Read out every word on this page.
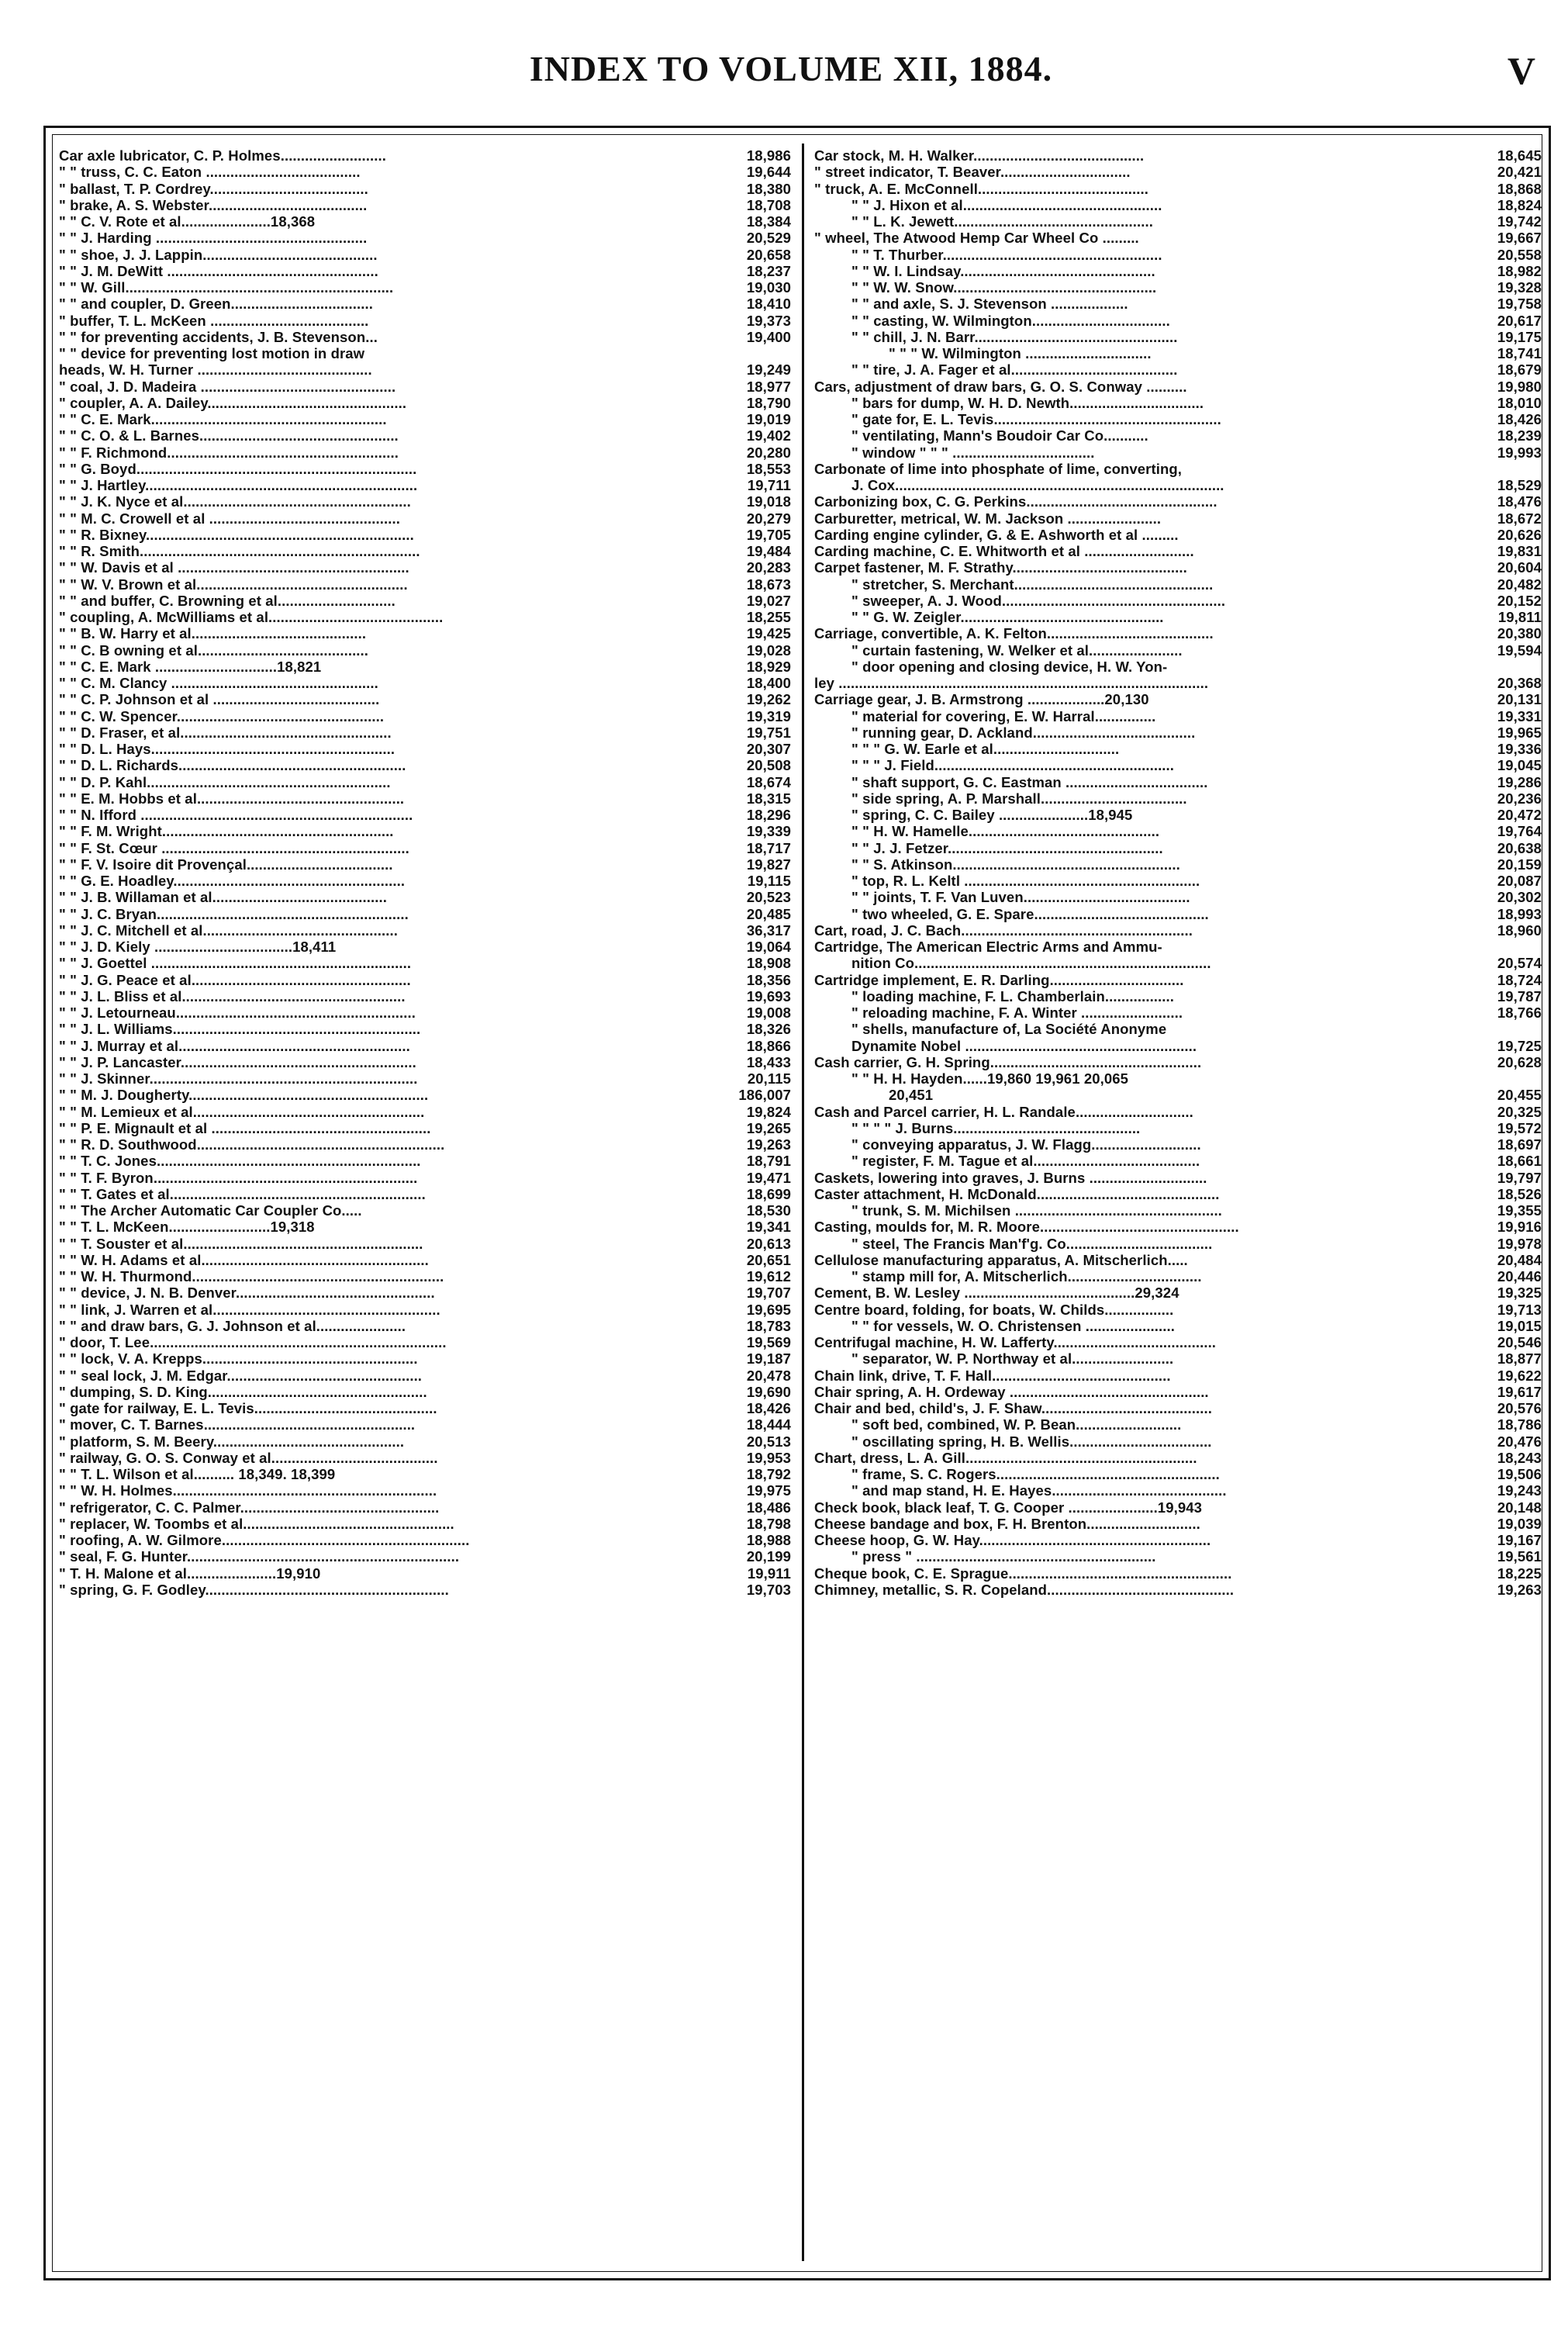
INDEX TO VOLUME XII, 1884.	V
Car axle lubricator, C. P. Holmes..........................	18,986
" " truss, C. C. Eaton ......................................	19,644
" ballast, T. P. Cordrey.......................................	18,380
" brake, A. S. Webster.......................................	18,708
" " C. V. Rote et al......................18,368	18,384
" " J. Harding ....................................................	20,529
" " shoe, J. J. Lappin...........................................	20,658
" " J. M. DeWitt ....................................................	18,237
" " W. Gill..................................................................	19,030
" " and coupler, D. Green...................................	18,410
" buffer, T. L. McKeen .......................................	19,373
" " for preventing accidents, J. B. Stevenson...	19,400
" " device for preventing lost motion in draw
heads, W. H. Turner ...........................................	19,249
" coal, J. D. Madeira ................................................	18,977
" coupler, A. A. Dailey.................................................	18,790
" " C. E. Mark..........................................................	19,019
" " C. O. & L. Barnes.................................................	19,402
" " F. Richmond.........................................................	20,280
" " G. Boyd.....................................................................	18,553
" " J. Hartley...................................................................	19,711
" " J. K. Nyce et al........................................................	19,018
" " M. C. Crowell et al ...............................................	20,279
" " R. Bixney..................................................................	19,705
" " R. Smith.....................................................................	19,484
" " W. Davis et al .........................................................	20,283
" " W. V. Brown et al....................................................	18,673
" " and buffer, C. Browning et al.............................	19,027
" coupling, A. McWilliams et al...........................................	18,255
" " B. W. Harry et al...........................................	19,425
" " C. B owning et al..........................................	19,028
" " C. E. Mark ..............................18,821	18,929
" " C. M. Clancy ...................................................	18,400
" " C. P. Johnson et al .........................................	19,262
" " C. W. Spencer...................................................	19,319
" " D. Fraser, et al....................................................	19,751
" " D. L. Hays............................................................	20,307
" " D. L. Richards........................................................	20,508
" " D. P. Kahl............................................................	18,674
" " E. M. Hobbs et al...................................................	18,315
" " N. Ifford ...................................................................	18,296
" " F. M. Wright.........................................................	19,339
" " F. St. Cœur .............................................................	18,717
" " F. V. Isoire dit Provençal....................................	19,827
" " G. E. Hoadley.........................................................	19,115
" " J. B. Willaman et al...........................................	20,523
" " J. C. Bryan..............................................................	20,485
" " J. C. Mitchell et al................................................	36,317
" " J. D. Kiely ..................................18,411	19,064
" " J. Goettel ................................................................	18,908
" " J. G. Peace et al......................................................	18,356
" " J. L. Bliss et al.......................................................	19,693
" " J. Letourneau...........................................................	19,008
" " J. L. Williams.............................................................	18,326
" " J. Murray et al.........................................................	18,866
" " J. P. Lancaster..........................................................	18,433
" " J. Skinner..................................................................	20,115
" " M. J. Dougherty...........................................................	186,007
" " M. Lemieux et al.........................................................	19,824
" " P. E. Mignault et al ......................................................	19,265
" " R. D. Southwood.............................................................	19,263
" " T. C. Jones.................................................................	18,791
" " T. F. Byron.................................................................	19,471
" " T. Gates et al...............................................................	18,699
" " The Archer Automatic Car Coupler Co.....	18,530
" " T. L. McKeen.........................19,318	19,341
" " T. Souster et al...........................................................	20,613
" " W. H. Adams et al........................................................	20,651
" " W. H. Thurmond..............................................................	19,612
" " device, J. N. B. Denver.................................................	19,707
" " link, J. Warren et al........................................................	19,695
" " and draw bars, G. J. Johnson et al......................	18,783
" door, T. Lee.........................................................................	19,569
" " lock, V. A. Krepps.....................................................	19,187
" " seal lock, J. M. Edgar................................................	20,478
" dumping, S. D. King......................................................	19,690
" gate for railway, E. L. Tevis.............................................	18,426
" mover, C. T. Barnes....................................................	18,444
" platform, S. M. Beery...............................................	20,513
" railway, G. O. S. Conway et al.........................................	19,953
" " T. L. Wilson et al.......... 18,349. 18,399	18,792
" " W. H. Holmes.................................................................	19,975
" refrigerator, C. C. Palmer.................................................	18,486
" replacer, W. Toombs et al....................................................	18,798
" roofing, A. W. Gilmore.............................................................	18,988
" seal, F. G. Hunter...................................................................	20,199
" T. H. Malone et al......................19,910	19,911
" spring, G. F. Godley............................................................	19,703
Car stock, M. H. Walker..........................................	18,645
" street indicator, T. Beaver................................	20,421
" truck, A. E. McConnell..........................................	18,868
" " J. Hixon et al.................................................	18,824
" " L. K. Jewett.................................................	19,742
" wheel, The Atwood Hemp Car Wheel Co .........	19,667
" " T. Thurber......................................................	20,558
" " W. I. Lindsay................................................	18,982
" " W. W. Snow..................................................	19,328
" " and axle, S. J. Stevenson ...................	19,758
" " casting, W. Wilmington..................................	20,617
" " chill, J. N. Barr..................................................	19,175
" " " W. Wilmington ...............................	18,741
" " tire, J. A. Fager et al.........................................	18,679
Cars, adjustment of draw bars, G. O. S. Conway ..........	19,980
" bars for dump, W. H. D. Newth.................................	18,010
" gate for, E. L. Tevis........................................................	18,426
" ventilating, Mann's Boudoir Car Co...........	18,239
" window " " " ...................................	19,993
Carbonate of lime into phosphate of lime, converting,
J. Cox.................................................................................	18,529
Carbonizing box, C. G. Perkins...............................................	18,476
Carburetter, metrical, W. M. Jackson .......................	18,672
Carding engine cylinder, G. & E. Ashworth et al .........	20,626
Carding machine, C. E. Whitworth et al ...........................	19,831
Carpet fastener, M. F. Strathy...........................................	20,604
" stretcher, S. Merchant.................................................	20,482
" sweeper, A. J. Wood.......................................................	20,152
" " G. W. Zeigler..................................................	19,811
Carriage, convertible, A. K. Felton.........................................	20,380
" curtain fastening, W. Welker et al.......................	19,594
" door opening and closing device, H. W. Yon-
ley ...........................................................................................	20,368
Carriage gear, J. B. Armstrong ...................20,130	20,131
" material for covering, E. W. Harral...............	19,331
" running gear, D. Ackland........................................	19,965
" " " G. W. Earle et al...............................	19,336
" " " J. Field...........................................................	19,045
" shaft support, G. C. Eastman ...................................	19,286
" side spring, A. P. Marshall....................................	20,236
" spring, C. C. Bailey ......................18,945	20,472
" " H. W. Hamelle...............................................	19,764
" " J. J. Fetzer.....................................................	20,638
" " S. Atkinson........................................................	20,159
" top, R. L. Keltl ..........................................................	20,087
" " joints, T. F. Van Luven.........................................	20,302
" two wheeled, G. E. Spare...........................................	18,993
Cart, road, J. C. Bach.........................................................	18,960
Cartridge, The American Electric Arms and Ammu-
nition Co.........................................................................	20,574
Cartridge implement, E. R. Darling.................................	18,724
" loading machine, F. L. Chamberlain.................	19,787
" reloading machine, F. A. Winter .........................	18,766
" shells, manufacture of, La Société Anonyme
Dynamite Nobel .........................................................	19,725
Cash carrier, G. H. Spring....................................................	20,628
" " H. H. Hayden......19,860 19,961 20,065
20,451	20,455
Cash and Parcel carrier, H. L. Randale.............................	20,325
" " " " J. Burns..............................................	19,572
" conveying apparatus, J. W. Flagg...........................	18,697
" register, F. M. Tague et al.........................................	18,661
Caskets, lowering into graves, J. Burns .............................	19,797
Caster attachment, H. McDonald.............................................	18,526
" trunk, S. M. Michilsen ...................................................	19,355
Casting, moulds for, M. R. Moore.................................................	19,916
" steel, The Francis Man'f'g. Co....................................	19,978
Cellulose manufacturing apparatus, A. Mitscherlich.....	20,484
" stamp mill for, A. Mitscherlich.................................	20,446
Cement, B. W. Lesley ..........................................29,324	19,325
Centre board, folding, for boats, W. Childs.................	19,713
" " for vessels, W. O. Christensen ......................	19,015
Centrifugal machine, H. W. Lafferty........................................	20,546
" separator, W. P. Northway et al.........................	18,877
Chain link, drive, T. F. Hall............................................	19,622
Chair spring, A. H. Ordeway .................................................	19,617
Chair and bed, child's, J. F. Shaw..........................................	20,576
" soft bed, combined, W. P. Bean..........................	18,786
" oscillating spring, H. B. Wellis...................................	20,476
Chart, dress, L. A. Gill.........................................................	18,243
" frame, S. C. Rogers.......................................................	19,506
" and map stand, H. E. Hayes...........................................	19,243
Check book, black leaf, T. G. Cooper ......................19,943	20,148
Cheese bandage and box, F. H. Brenton............................	19,039
Cheese hoop, G. W. Hay.........................................................	19,167
" press " ...........................................................	19,561
Cheque book, C. E. Sprague.......................................................	18,225
Chimney, metallic, S. R. Copeland..............................................	19,263
